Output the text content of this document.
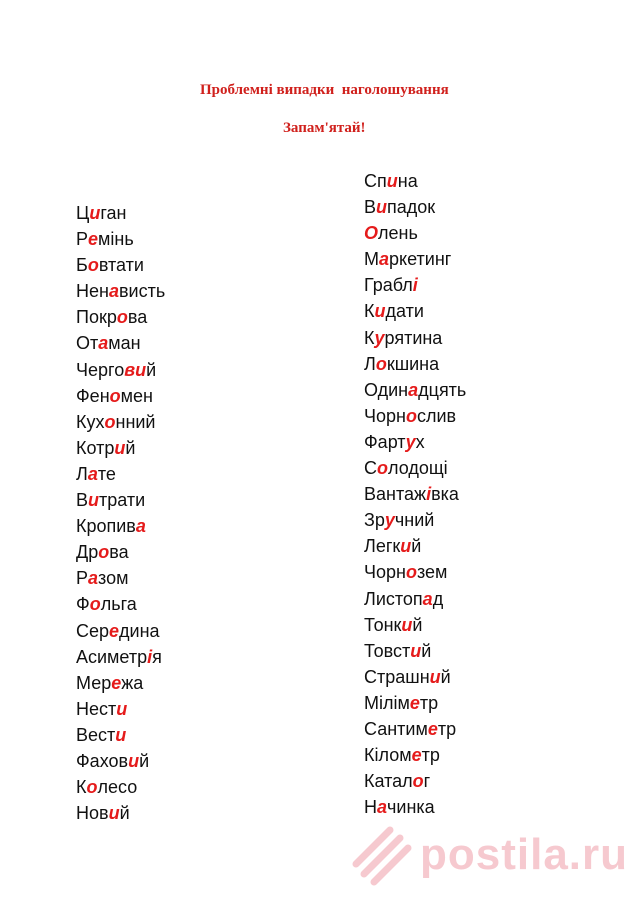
Проблемні випадки  наголошування
Запам'ятай!
Циган
Ремінь
Бовтати
Ненависть
Покрова
Отаман
Черговий
Феномен
Кухонний
Котрий
Лате
Витрати
Кропива
Дрова
Разом
Фольга
Середина
Асиметрія
Мережа
Нести
Вести
Фаховий
Колесо
Новий
Спина
Випадок
Олень
Маркетинг
Граблі
Кидати
Курятина
Локшина
Одинадцять
Чорнослив
Фартух
Солодощі
Вантажівка
Зручний
Легкий
Чорнозем
Листопад
Тонкий
Товстий
Страшний
Міліметр
Сантиметр
Кілометр
Каталог
Начинка
postila.ru
